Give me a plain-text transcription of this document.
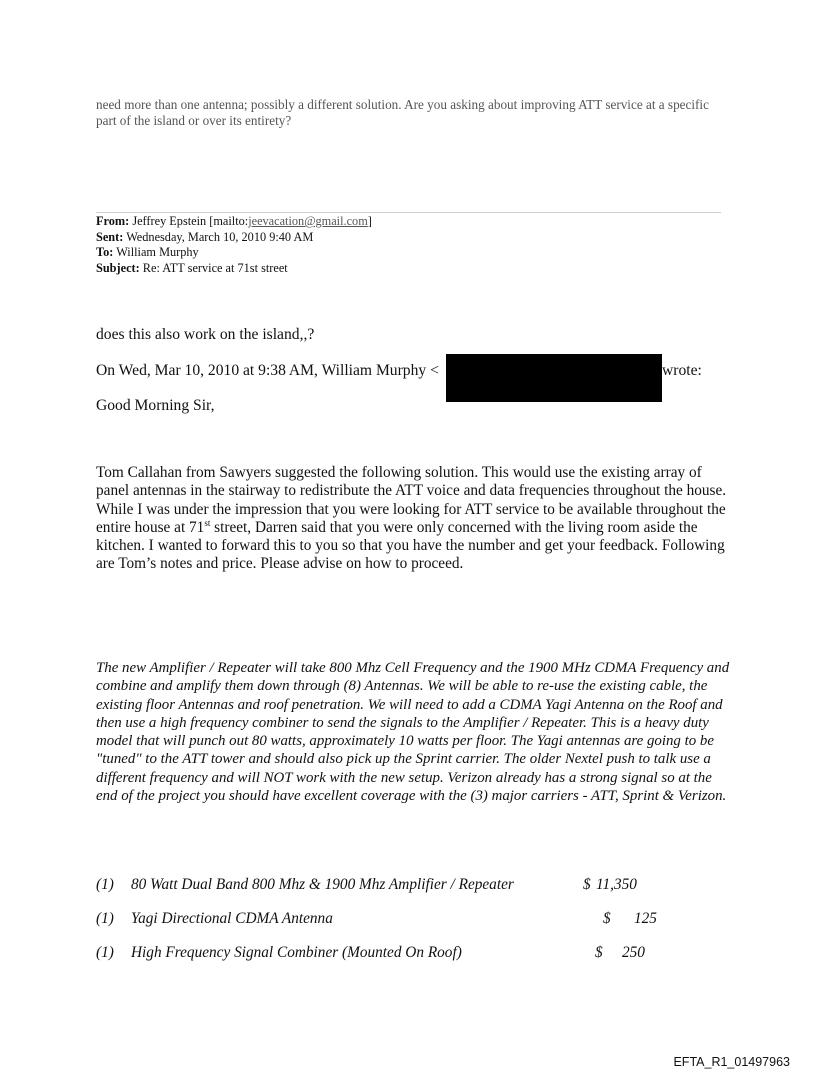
need more than one antenna; possibly a different solution. Are you asking about improving ATT service at a specific part of the island or over its entirety?
From: Jeffrey Epstein [mailto:jeevacation@gmail.com]
Sent: Wednesday, March 10, 2010 9:40 AM
To: William Murphy
Subject: Re: ATT service at 71st street
does this also work on the island,,?
On Wed, Mar 10, 2010 at 9:38 AM, William Murphy <	wrote:
Good Morning Sir,
Tom Callahan from Sawyers suggested the following solution. This would use the existing array of panel antennas in the stairway to redistribute the ATT voice and data frequencies throughout the house. While I was under the impression that you were looking for ATT service to be available throughout the entire house at 71st street, Darren said that you were only concerned with the living room aside the kitchen. I wanted to forward this to you so that you have the number and get your feedback. Following are Tom’s notes and price. Please advise on how to proceed.
The new Amplifier / Repeater will take 800 Mhz Cell Frequency and the 1900 MHz CDMA Frequency and combine and amplify them down through (8) Antennas. We will be able to re-use the existing cable, the existing floor Antennas and roof penetration. We will need to add a CDMA Yagi Antenna on the Roof and then use a high frequency combiner to send the signals to the Amplifier / Repeater. This is a heavy duty model that will punch out 80 watts, approximately 10 watts per floor. The Yagi antennas are going to be "tuned" to the ATT tower and should also pick up the Sprint carrier. The older Nextel push to talk use a different frequency and will NOT work with the new setup. Verizon already has a strong signal so at the end of the project you should have excellent coverage with the (3) major carriers - ATT, Sprint & Verizon.
(1) 80 Watt Dual Band 800 Mhz & 1900 Mhz Amplifier / Repeater	$ 11,350
(1) Yagi Directional CDMA Antenna	$ 125
(1) High Frequency Signal Combiner (Mounted On Roof)	$ 250
EFTA_R1_01497963
